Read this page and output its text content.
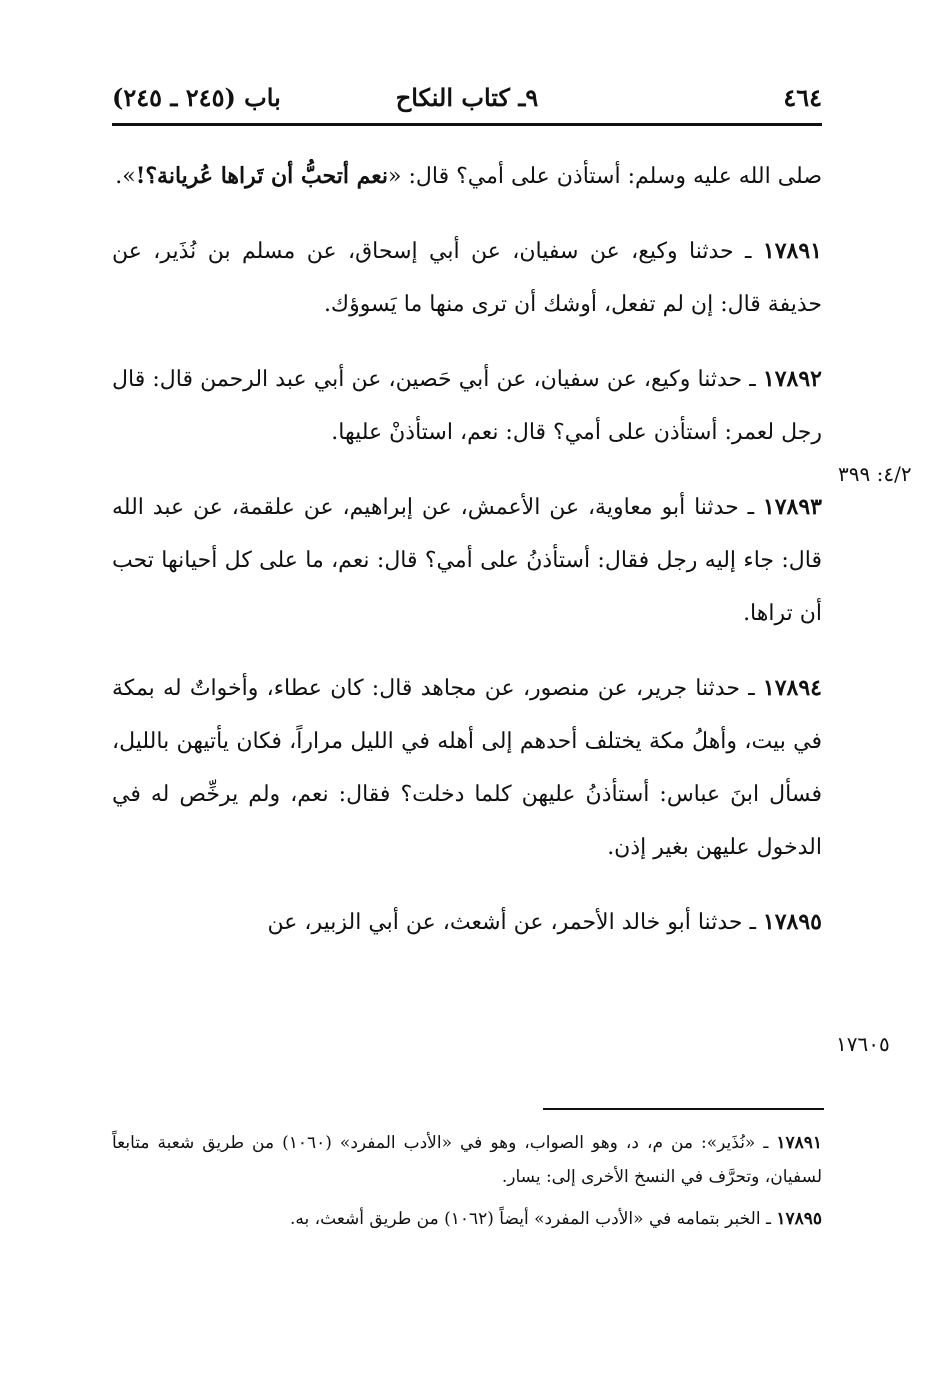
٤٦٤
٩ـ كتاب النكاح
باب (٢٤٥ ـ ٢٤٥)

صلى الله عليه وسلم: أستأذن على أمي؟ قال: «نعم أتحبُّ أن تَراها عُريانة؟!».

١٧٨٩١ ـ حدثنا وكيع، عن سفيان، عن أبي إسحاق، عن مسلم بن نُذَير، عن حذيفة قال: إن لم تفعل، أوشك أن ترى منها ما يَسوؤك.

١٧٨٩٢ ـ حدثنا وكيع، عن سفيان، عن أبي حَصين، عن أبي عبد الرحمن قال: قال رجل لعمر: أستأذن على أمي؟ قال: نعم، استأذنْ عليها.

١٧٨٩٣ ـ حدثنا أبو معاوية، عن الأعمش، عن إبراهيم، عن علقمة، عن عبد الله قال: جاء إليه رجل فقال: أستأذنُ على أمي؟ قال: نعم، ما على كل أحيانها تحب أن تراها.

١٧٨٩٤ ـ حدثنا جرير، عن منصور، عن مجاهد قال: كان عطاء، وأخواتٌ له بمكة في بيت، وأهلُ مكة يختلف أحدهم إلى أهله في الليل مراراً، فكان يأتيهن بالليل، فسأل ابنَ عباس: أستأذنُ عليهن كلما دخلت؟ فقال: نعم، ولم يرخِّص له في الدخول عليهن بغير إذن.

١٧٨٩٥ ـ حدثنا أبو خالد الأحمر، عن أشعث، عن أبي الزبير، عن

٤/٢: ٣٩٩
١٧٦٠٥

١٧٨٩١ ـ «نُذَير»: من م، د، وهو الصواب، وهو في «الأدب المفرد» (١٠٦٠) من طريق شعبة متابعاً لسفيان، وتحرَّف في النسخ الأخرى إلى: يسار.

١٧٨٩٥ ـ الخبر بتمامه في «الأدب المفرد» أيضاً (١٠٦٢) من طريق أشعث، به.
